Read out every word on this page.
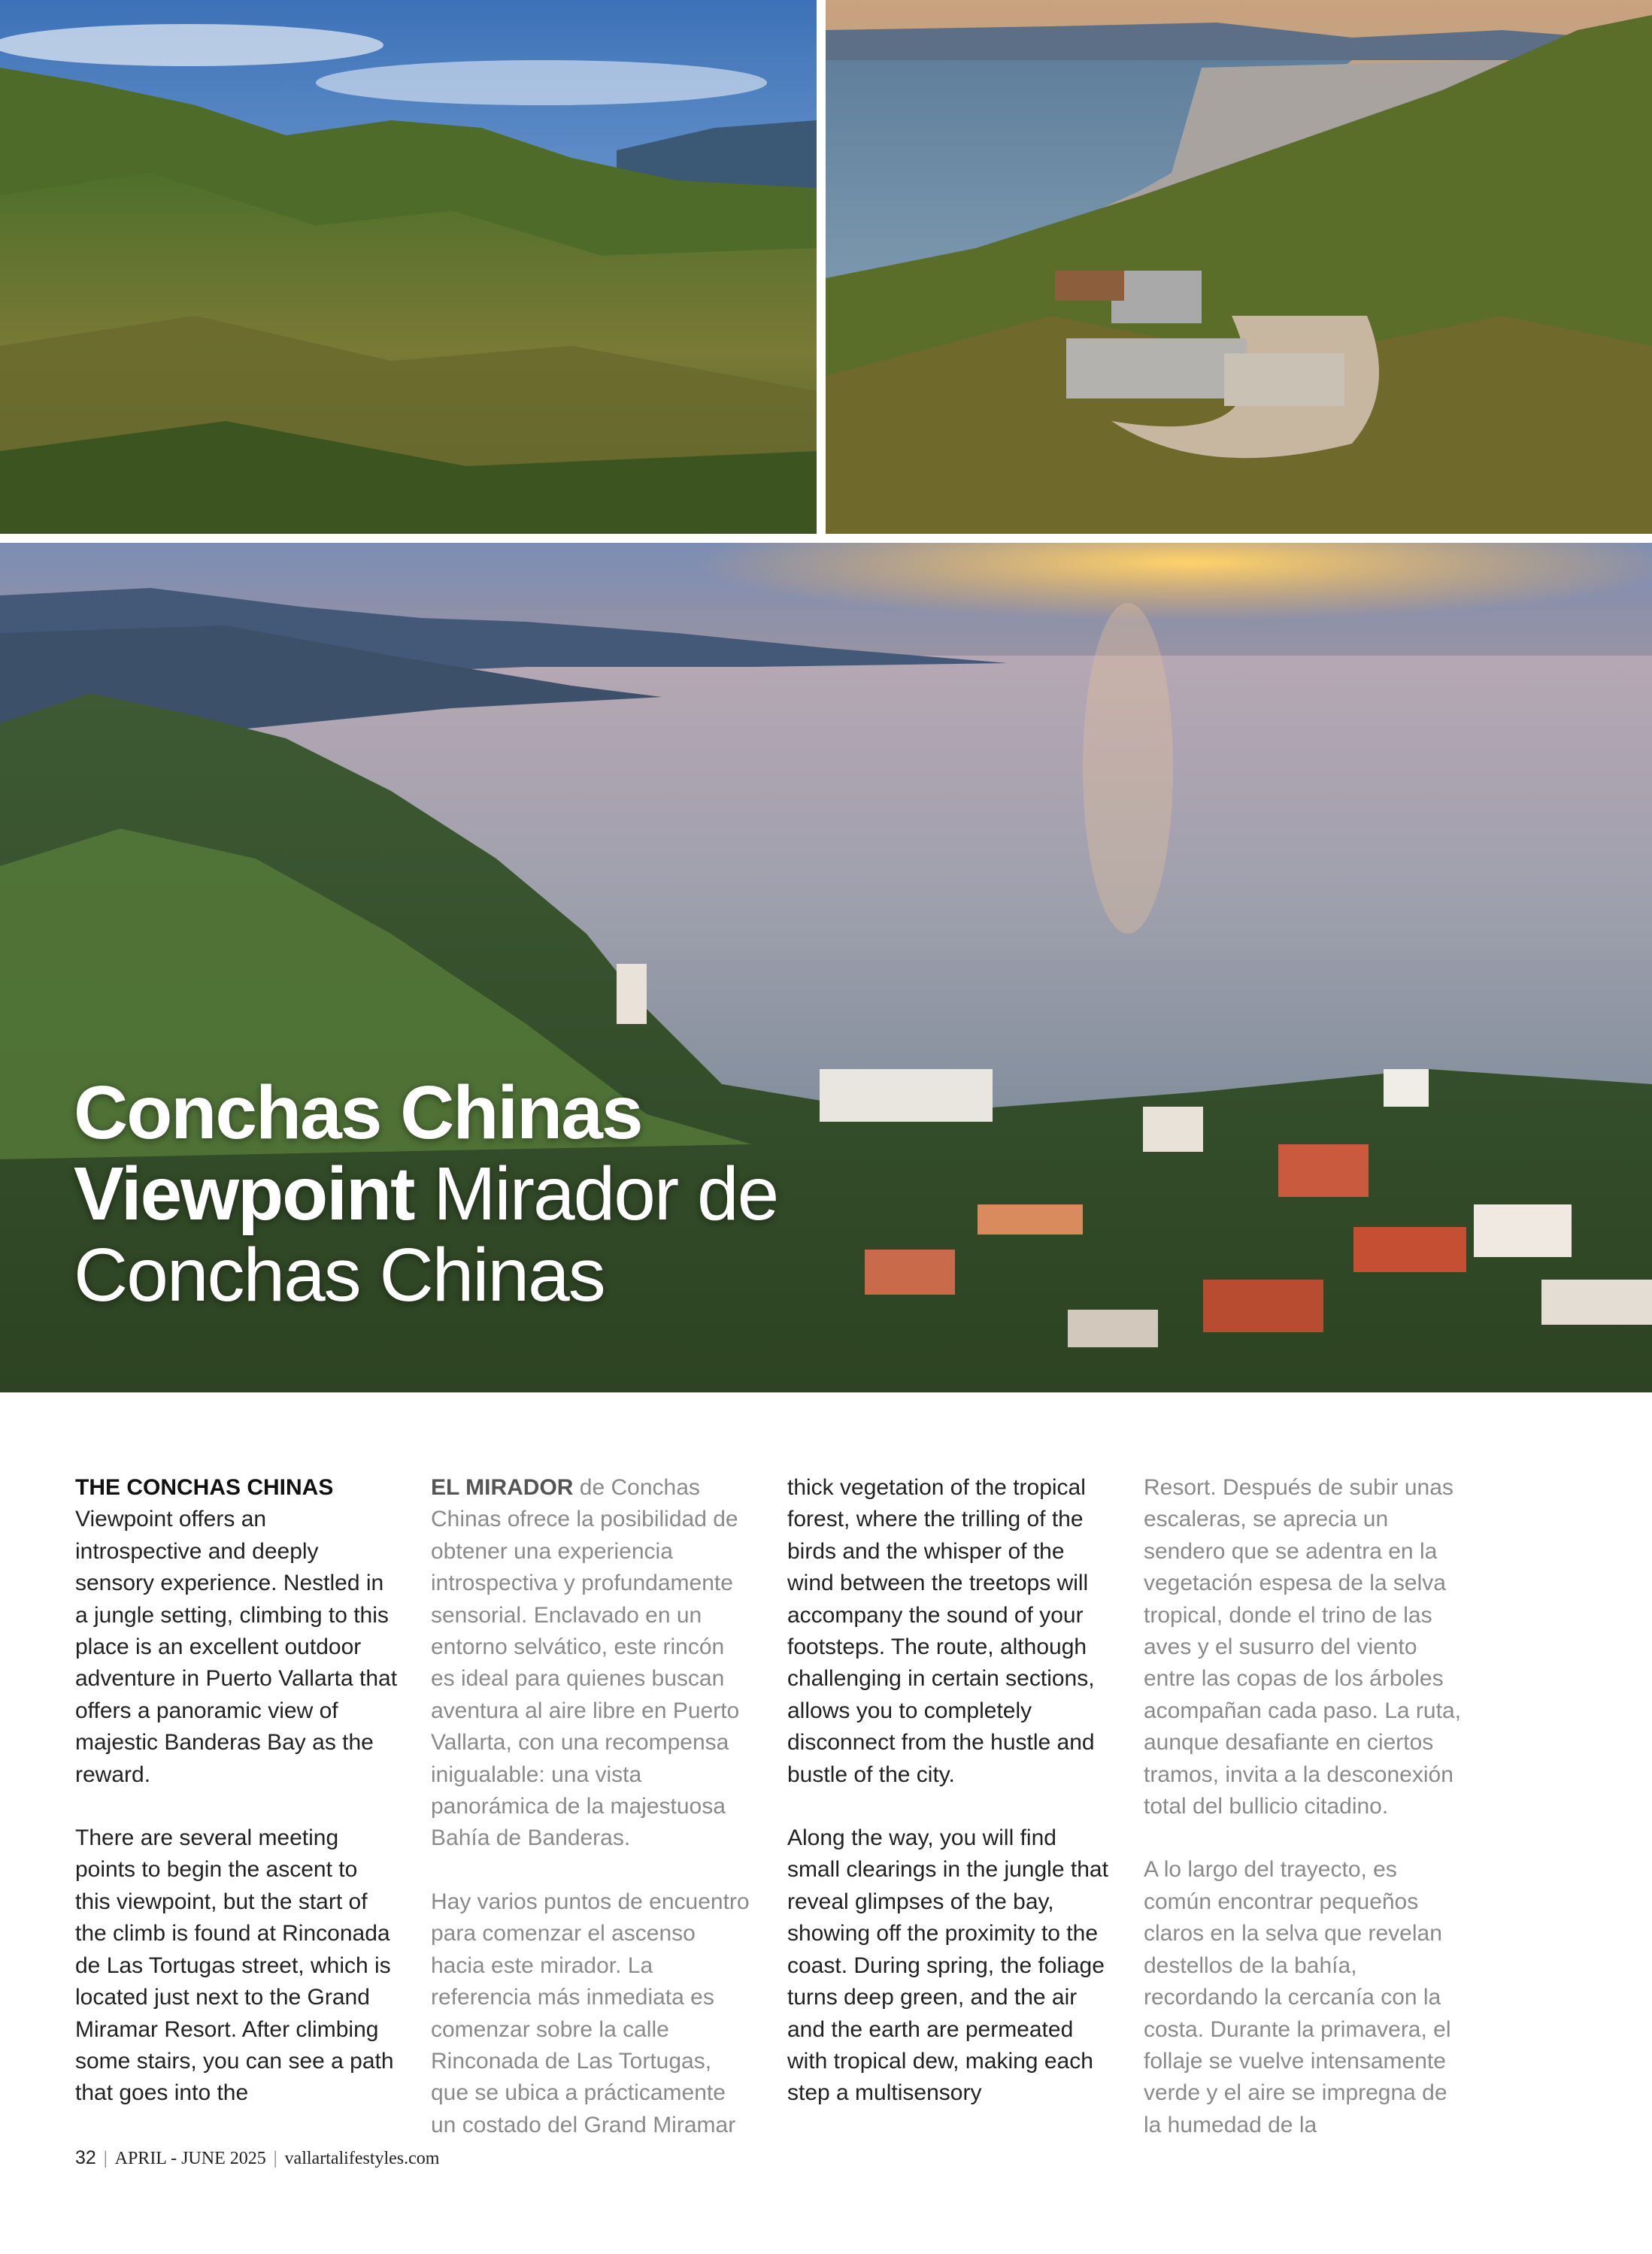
Conchas Chinas
Viewpoint Mirador de
Conchas Chinas

THE CONCHAS CHINAS
Viewpoint offers an introspective and deeply sensory experience. Nestled in a jungle setting, climbing to this place is an excellent outdoor adventure in Puerto Vallarta that offers a panoramic view of majestic Banderas Bay as the reward.

There are several meeting points to begin the ascent to this viewpoint, but the start of the climb is found at Rinconada de Las Tortugas street, which is located just next to the Grand Miramar Resort. After climbing some stairs, you can see a path that goes into the

EL MIRADOR de Conchas Chinas ofrece la posibilidad de obtener una experiencia introspectiva y profundamente sensorial. Enclavado en un entorno selvático, este rincón es ideal para quienes buscan aventura al aire libre en Puerto Vallarta, con una recompensa inigualable: una vista panorámica de la majestuosa Bahía de Banderas.

Hay varios puntos de encuentro para comenzar el ascenso hacia este mirador. La referencia más inmediata es comenzar sobre la calle Rinconada de Las Tortugas, que se ubica a prácticamente un costado del Grand Miramar

thick vegetation of the tropical forest, where the trilling of the birds and the whisper of the wind between the treetops will accompany the sound of your footsteps. The route, although challenging in certain sections, allows you to completely disconnect from the hustle and bustle of the city.

Along the way, you will find small clearings in the jungle that reveal glimpses of the bay, showing off the proximity to the coast. During spring, the foliage turns deep green, and the air and the earth are permeated with tropical dew, making each step a multisensory

Resort. Después de subir unas escaleras, se aprecia un sendero que se adentra en la vegetación espesa de la selva tropical, donde el trino de las aves y el susurro del viento entre las copas de los árboles acompañan cada paso. La ruta, aunque desafiante en ciertos tramos, invita a la desconexión total del bullicio citadino.

A lo largo del trayecto, es común encontrar pequeños claros en la selva que revelan destellos de la bahía, recordando la cercanía con la costa. Durante la primavera, el follaje se vuelve intensamente verde y el aire se impregna de la humedad de la

32 | APRIL - JUNE 2025 | vallartalifestyles.com
